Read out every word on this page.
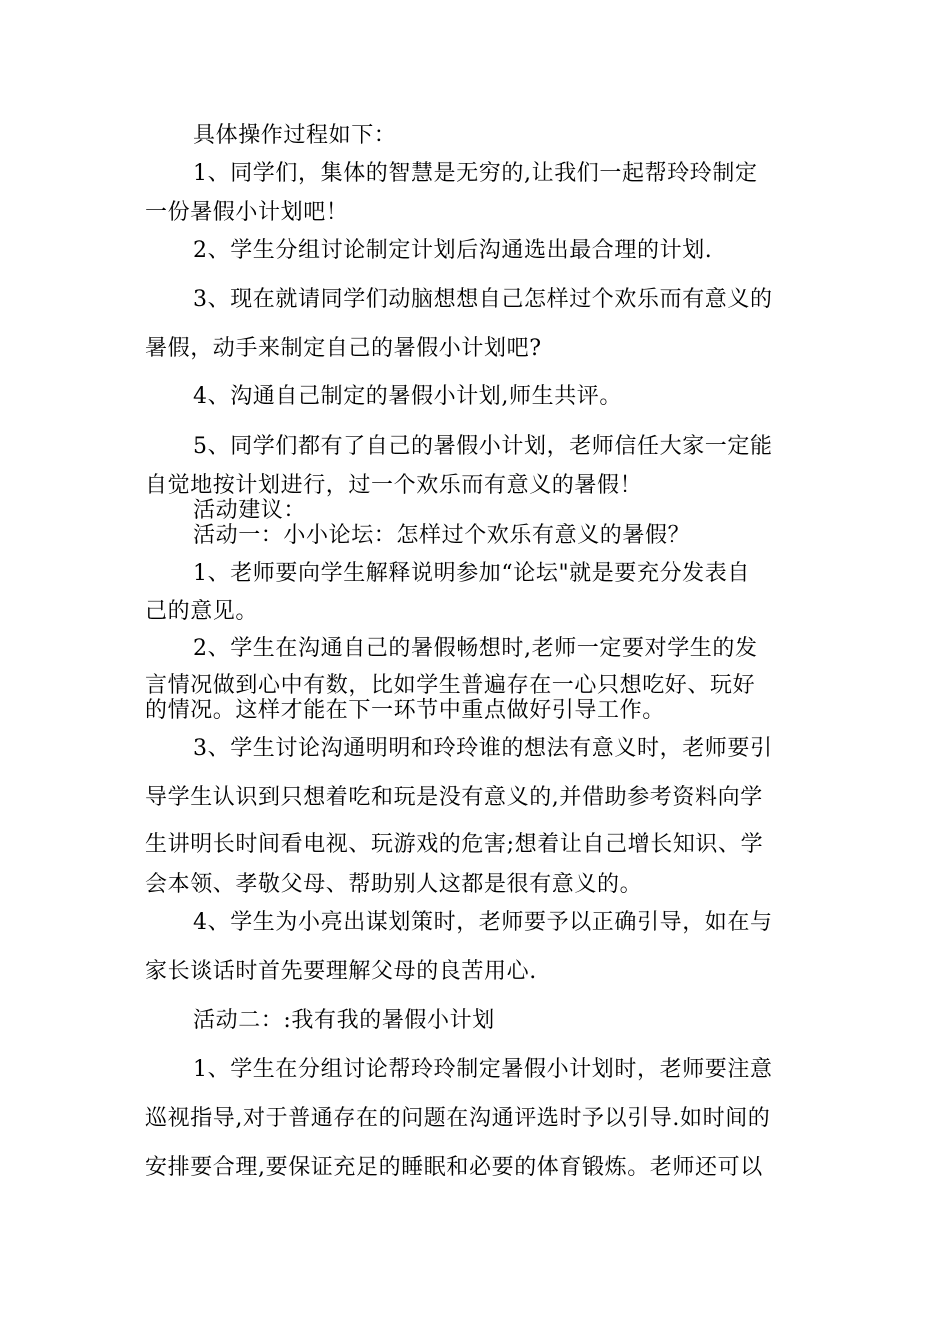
具体操作过程如下：
1、同学们，集体的智慧是无穷的,让我们一起帮玲玲制定
一份暑假小计划吧！
2、学生分组讨论制定计划后沟通选出最合理的计划.
3、现在就请同学们动脑想想自己怎样过个欢乐而有意义的
暑假，动手来制定自己的暑假小计划吧?
4、沟通自己制定的暑假小计划,师生共评。
5、同学们都有了自己的暑假小计划，老师信任大家一定能
自觉地按计划进行，过一个欢乐而有意义的暑假！
活动建议：
活动一：小小论坛：怎样过个欢乐有意义的暑假？
1、老师要向学生解释说明参加“论坛"就是要充分发表自
己的意见。
2、学生在沟通自己的暑假畅想时,老师一定要对学生的发
言情况做到心中有数，比如学生普遍存在一心只想吃好、玩好
的情况。这样才能在下一环节中重点做好引导工作。
3、学生讨论沟通明明和玲玲谁的想法有意义时，老师要引
导学生认识到只想着吃和玩是没有意义的,并借助参考资料向学
生讲明长时间看电视、玩游戏的危害;想着让自己增长知识、学
会本领、孝敬父母、帮助别人这都是很有意义的。
4、学生为小亮出谋划策时，老师要予以正确引导，如在与
家长谈话时首先要理解父母的良苦用心.
活动二：:我有我的暑假小计划
1、学生在分组讨论帮玲玲制定暑假小计划时，老师要注意
巡视指导,对于普通存在的问题在沟通评选时予以引导.如时间的
安排要合理,要保证充足的睡眠和必要的体育锻炼。老师还可以
